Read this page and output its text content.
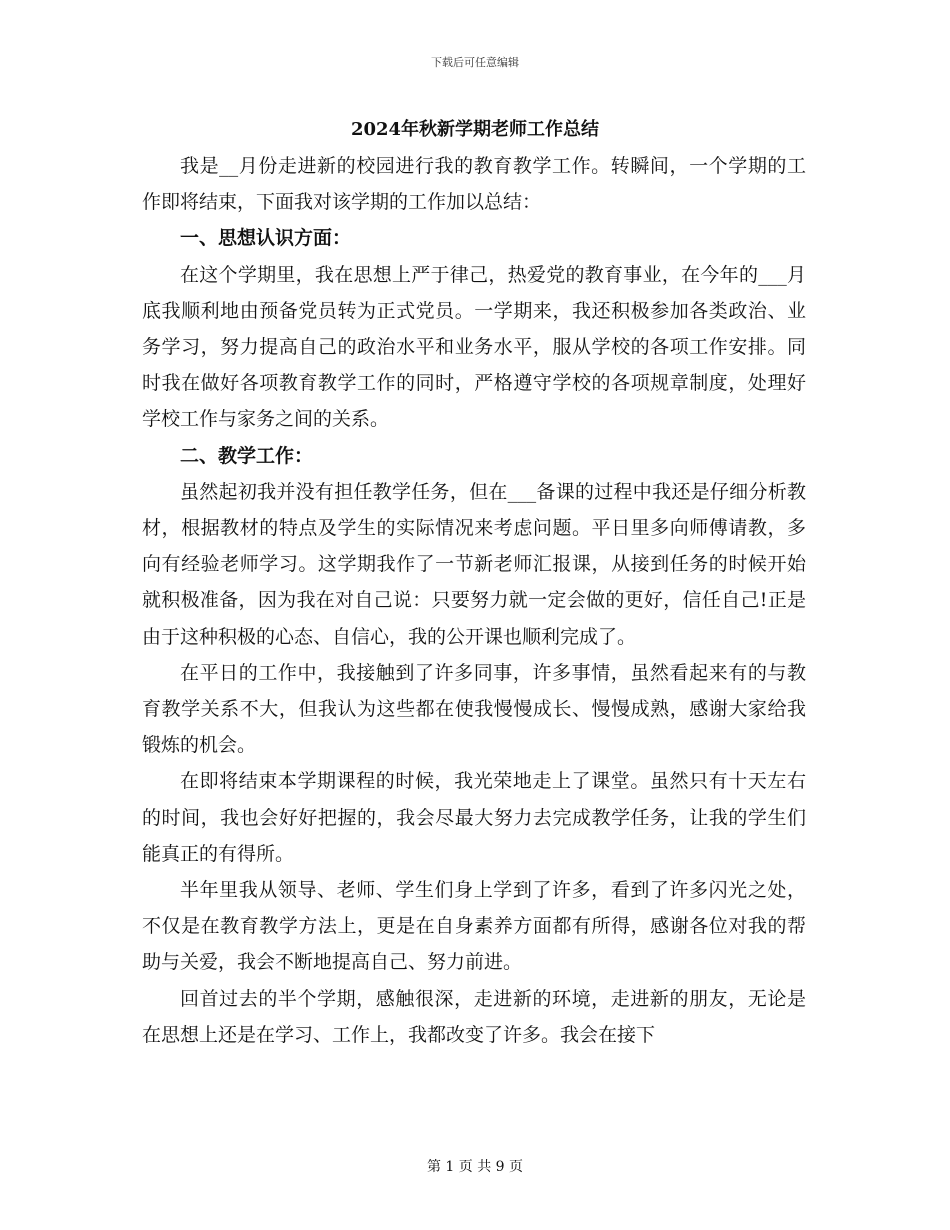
下载后可任意编辑
2024年秋新学期老师工作总结

我是__月份走进新的校园进行我的教育教学工作。转瞬间，一个学期的工作即将结束，下面我对该学期的工作加以总结：

一、思想认识方面：

在这个学期里，我在思想上严于律己，热爱党的教育事业，在今年的___月底我顺利地由预备党员转为正式党员。一学期来，我还积极参加各类政治、业务学习，努力提高自己的政治水平和业务水平，服从学校的各项工作安排。同时我在做好各项教育教学工作的同时，严格遵守学校的各项规章制度，处理好学校工作与家务之间的关系。

二、教学工作：

虽然起初我并没有担任教学任务，但在___备课的过程中我还是仔细分析教材，根据教材的特点及学生的实际情况来考虑问题。平日里多向师傅请教，多向有经验老师学习。这学期我作了一节新老师汇报课，从接到任务的时候开始就积极准备，因为我在对自己说：只要努力就一定会做的更好，信任自己!正是由于这种积极的心态、自信心，我的公开课也顺利完成了。

在平日的工作中，我接触到了许多同事，许多事情，虽然看起来有的与教育教学关系不大，但我认为这些都在使我慢慢成长、慢慢成熟，感谢大家给我锻炼的机会。

在即将结束本学期课程的时候，我光荣地走上了课堂。虽然只有十天左右的时间，我也会好好把握的，我会尽最大努力去完成教学任务，让我的学生们能真正的有得所。

半年里我从领导、老师、学生们身上学到了许多，看到了许多闪光之处，不仅是在教育教学方法上，更是在自身素养方面都有所得，感谢各位对我的帮助与关爱，我会不断地提高自己、努力前进。

回首过去的半个学期，感触很深，走进新的环境，走进新的朋友，无论是在思想上还是在学习、工作上，我都改变了许多。我会在接下

第 1 页 共 9 页
